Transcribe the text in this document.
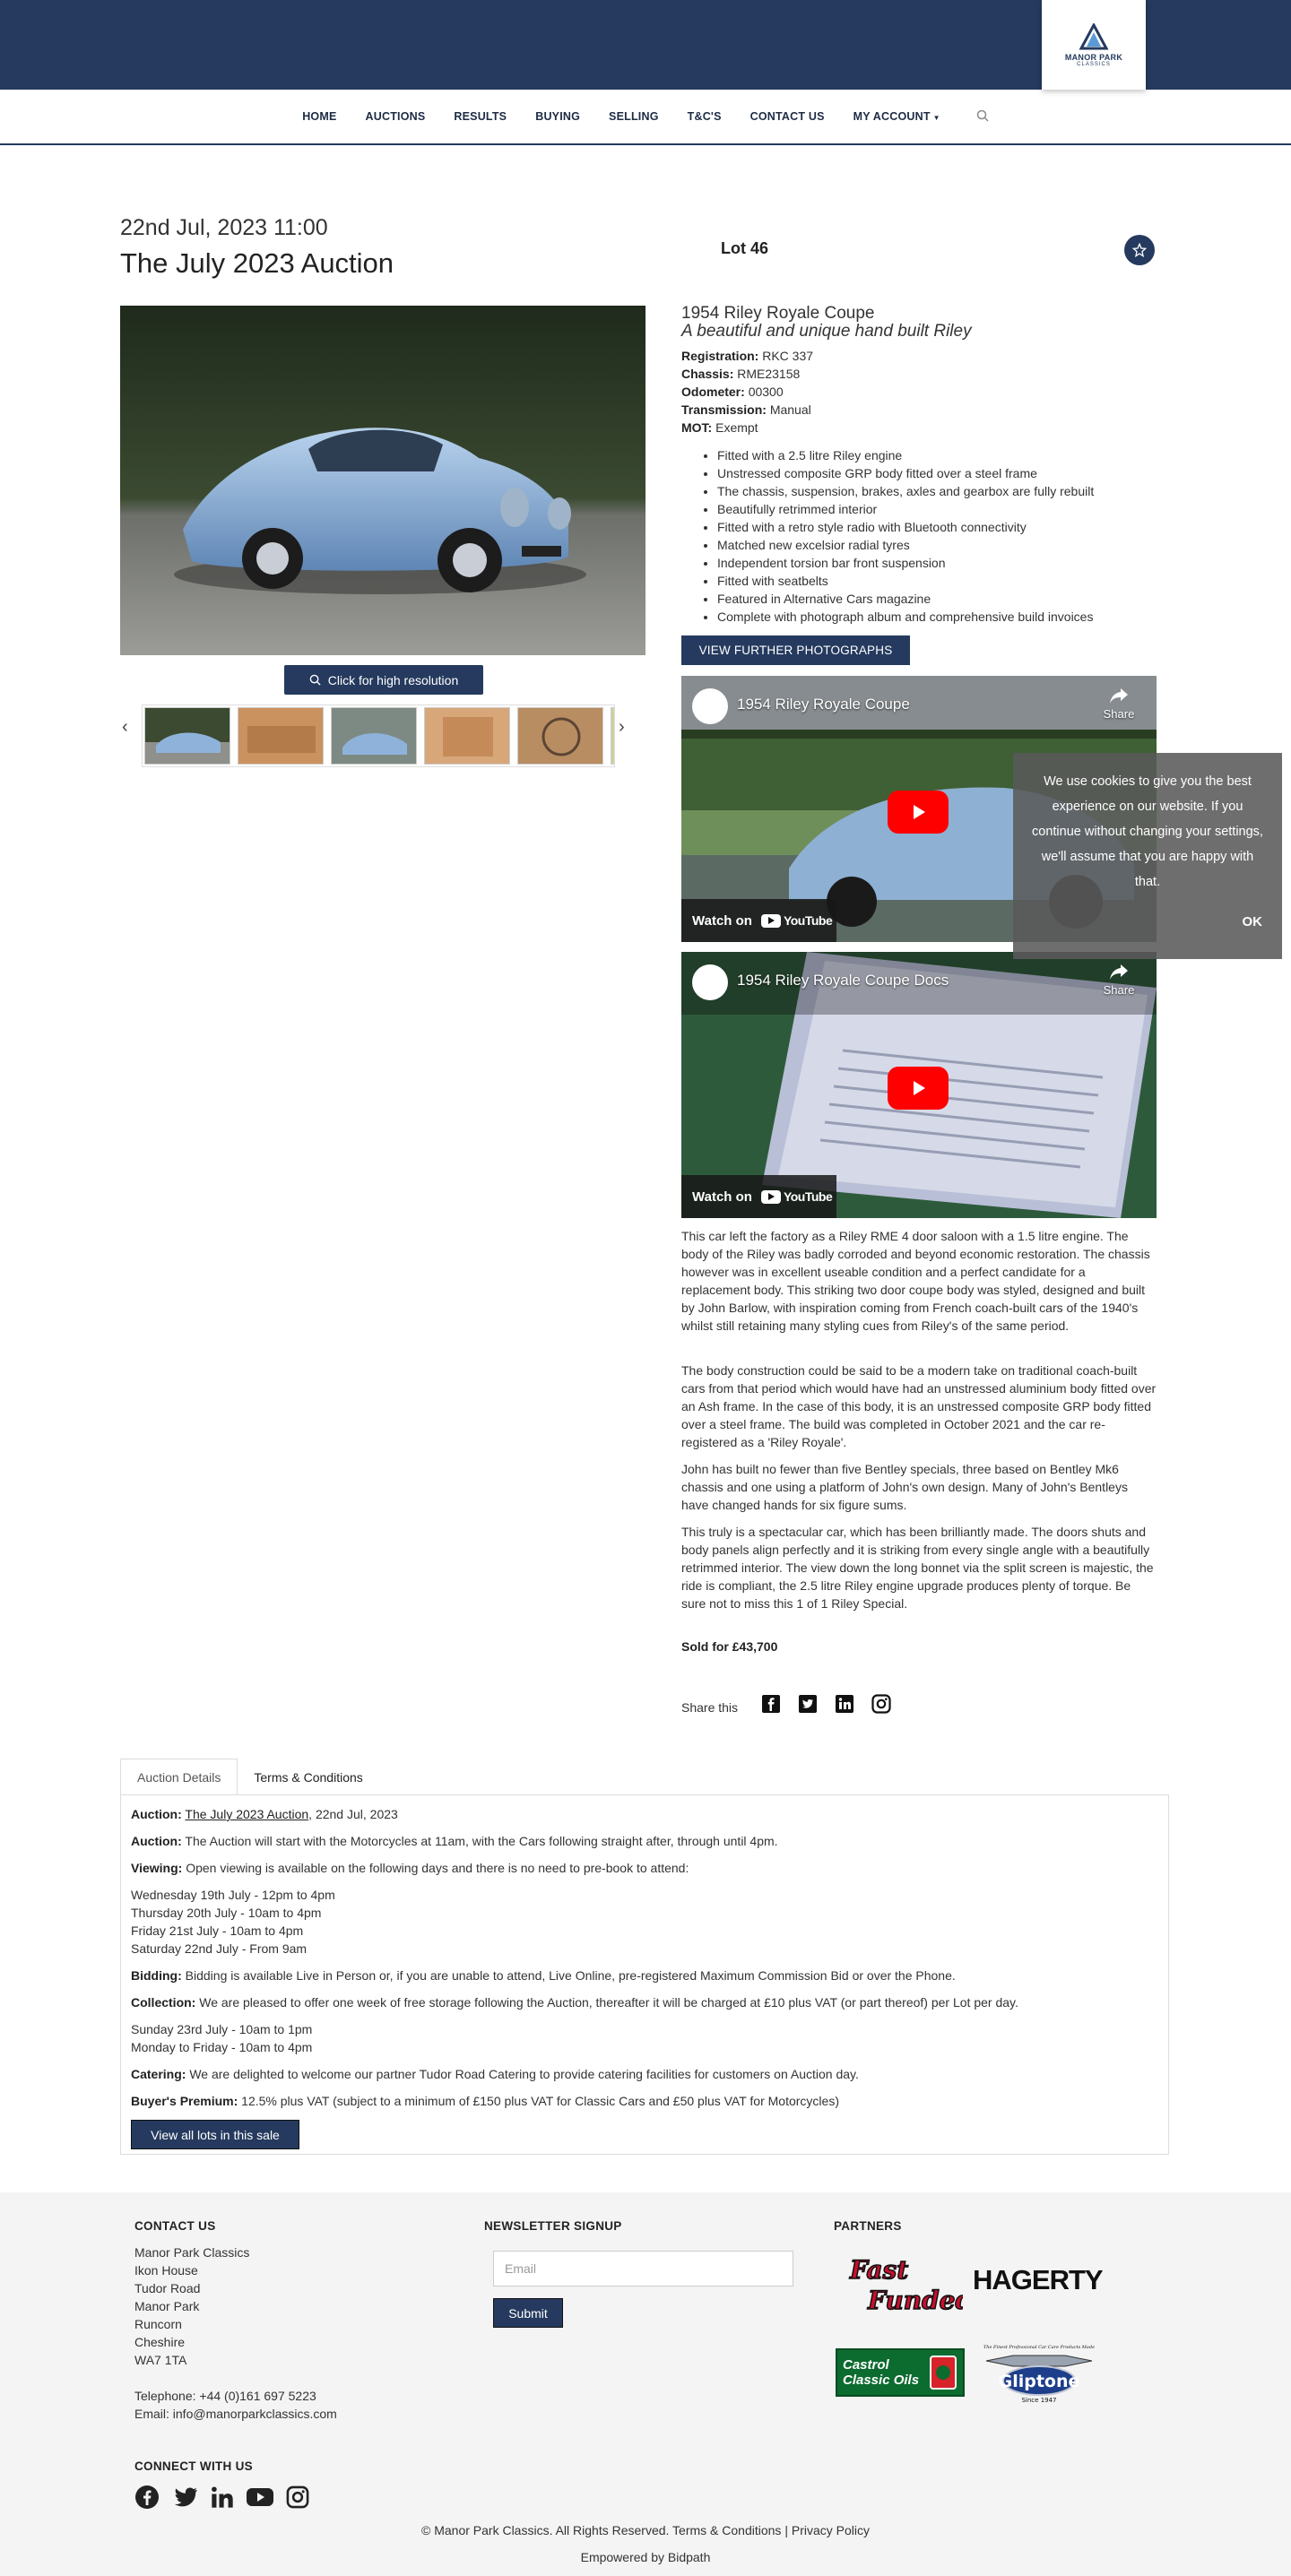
MANOR PARK
CLASSICS
HOME	AUCTIONS	RESULTS	BUYING	SELLING	T&C'S	CONTACT US	MY ACCOUNT ▼
22nd Jul, 2023 11:00
The July 2023 Auction	Lot 46
Click for high resolution
‹	›
1954 Riley Royale Coupe
A beautiful and unique hand built Riley
Registration: RKC 337
Chassis: RME23158
Odometer: 00300
Transmission: Manual
MOT: Exempt
• Fitted with a 2.5 litre Riley engine
• Unstressed composite GRP body fitted over a steel frame
• The chassis, suspension, brakes, axles and gearbox are fully rebuilt
• Beautifully retrimmed interior
• Fitted with a retro style radio with Bluetooth connectivity
• Matched new excelsior radial tyres
• Independent torsion bar front suspension
• Fitted with seatbelts
• Featured in Alternative Cars magazine
• Complete with photograph album and comprehensive build invoices
VIEW FURTHER PHOTOGRAPHS
1954 Riley Royale Coupe
Share
Watch on	YouTube
1954 Riley Royale Coupe Docs
Share
Watch on	YouTube

This car left the factory as a Riley RME 4 door saloon with a 1.5 litre engine. The body of the Riley was badly corroded and beyond economic restoration. The chassis however was in excellent useable condition and a perfect candidate for a replacement body. This striking two door coupe body was styled, designed and built by John Barlow, with inspiration coming from French coach-built cars of the 1940's whilst still retaining many styling cues from Riley's of the same period.

The body construction could be said to be a modern take on traditional coach-built cars from that period which would have had an unstressed aluminium body fitted over an Ash frame. In the case of this body, it is an unstressed composite GRP body fitted over a steel frame. The build was completed in October 2021 and the car re-registered as a 'Riley Royale'.

John has built no fewer than five Bentley specials, three based on Bentley Mk6 chassis and one using a platform of John's own design. Many of John's Bentleys have changed hands for six figure sums.

This truly is a spectacular car, which has been brilliantly made. The doors shuts and body panels align perfectly and it is striking from every single angle with a beautifully retrimmed interior. The view down the long bonnet via the split screen is majestic, the ride is compliant, the 2.5 litre Riley engine upgrade produces plenty of torque. Be sure not to miss this 1 of 1 Riley Special.

Sold for £43,700
Share this
We use cookies to give you the best experience on our website. If you continue without changing your settings, we'll assume that you are happy with that.
OK
Auction Details	Terms & Conditions
Auction: The July 2023 Auction, 22nd Jul, 2023
Auction: The Auction will start with the Motorcycles at 11am, with the Cars following straight after, through until 4pm.
Viewing: Open viewing is available on the following days and there is no need to pre-book to attend:
Wednesday 19th July - 12pm to 4pm
Thursday 20th July - 10am to 4pm
Friday 21st July - 10am to 4pm
Saturday 22nd July - From 9am
Bidding: Bidding is available Live in Person or, if you are unable to attend, Live Online, pre-registered Maximum Commission Bid or over the Phone.
Collection: We are pleased to offer one week of free storage following the Auction, thereafter it will be charged at £10 plus VAT (or part thereof) per Lot per day.
Sunday 23rd July - 10am to 1pm
Monday to Friday - 10am to 4pm
Catering: We are delighted to welcome our partner Tudor Road Catering to provide catering facilities for customers on Auction day.
Buyer's Premium: 12.5% plus VAT (subject to a minimum of £150 plus VAT for Classic Cars and £50 plus VAT for Motorcycles)
View all lots in this sale
CONTACT US
Manor Park Classics
Ikon House
Tudor Road
Manor Park
Runcorn
Cheshire
WA7 1TA
Telephone: +44 (0)161 697 5223
Email: info@manorparkclassics.com
NEWSLETTER SIGNUP
Email
Submit
PARTNERS
Fast
Funded
HAGERTY
Castrol
Classic Oils
The Finest Professional Car Care Products Made
Gliptone
Since 1947
CONNECT WITH US
© Manor Park Classics. All Rights Reserved. Terms & Conditions | Privacy Policy
Empowered by Bidpath
